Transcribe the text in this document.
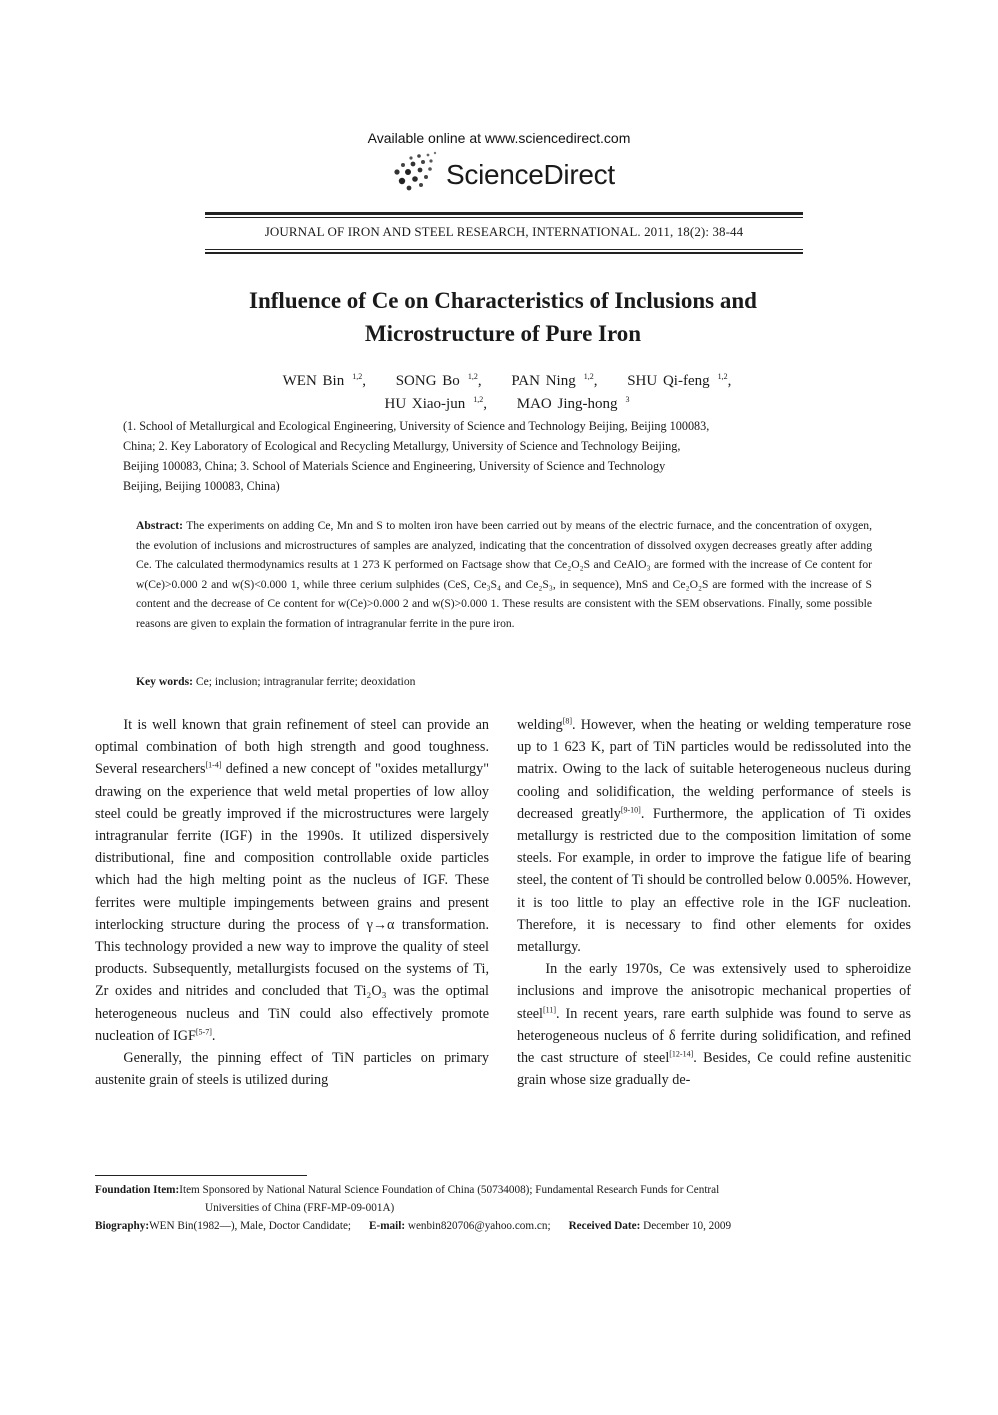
Available online at www.sciencedirect.com
ScienceDirect
JOURNAL OF IRON AND STEEL RESEARCH, INTERNATIONAL. 2011, 18(2): 38-44
Influence of Ce on Characteristics of Inclusions and
Microstructure of Pure Iron
WEN Bin $^{1,2}$, SONG Bo $^{1,2}$, PAN Ning $^{1,2}$, SHU Qi-feng $^{1,2}$,
HU Xiao-jun $^{1,2}$, MAO Jing-hong $^3$
(1. School of Metallurgical and Ecological Engineering, University of Science and Technology Beijing, Beijing 100083,
China; 2. Key Laboratory of Ecological and Recycling Metallurgy, University of Science and Technology Beijing,
Beijing 100083, China; 3. School of Materials Science and Engineering, University of Science and Technology
Beijing, Beijing 100083, China)
Abstract: The experiments on adding Ce, Mn and S to molten iron have been carried out by means of the electric furnace, and the concentration of oxygen, the evolution of inclusions and microstructures of samples are analyzed, indicating that the concentration of dissolved oxygen decreases greatly after adding Ce. The calculated thermodynamics results at 1 273 K performed on Factsage show that Ce₂O₂S and CeAlO₃ are formed with the increase of Ce content for w(Ce)>0.000 2 and w(S)<0.000 1, while three cerium sulphides (CeS, Ce₃S₄ and Ce₂S₃, in sequence), MnS and Ce₂O₂S are formed with the increase of S content and the decrease of Ce content for w(Ce)>0.000 2 and w(S)>0.000 1. These results are consistent with the SEM observations. Finally, some possible reasons are given to explain the formation of intragranular ferrite in the pure iron.
Key words: Ce; inclusion; intragranular ferrite; deoxidation

It is well known that grain refinement of steel can provide an optimal combination of both high strength and good toughness. Several researchers[1-4] defined a new concept of "oxides metallurgy" drawing on the experience that weld metal properties of low alloy steel could be greatly improved if the microstructures were largely intragranular ferrite (IGF) in the 1990s. It utilized dispersively distributional, fine and composition controllable oxide particles which had the high melting point as the nucleus of IGF. These ferrites were multiple impingements between grains and present interlocking structure during the process of γ→α transformation. This technology provided a new way to improve the quality of steel products. Subsequently, metallurgists focused on the systems of Ti, Zr oxides and nitrides and concluded that Ti₂O₃ was the optimal heterogeneous nucleus and TiN could also effectively promote nucleation of IGF[5-7].

Generally, the pinning effect of TiN particles on primary austenite grain of steels is utilized during

welding[8]. However, when the heating or welding temperature rose up to 1 623 K, part of TiN particles would be redissoluted into the matrix. Owing to the lack of suitable heterogeneous nucleus during cooling and solidification, the welding performance of steels is decreased greatly[9-10]. Furthermore, the application of Ti oxides metallurgy is restricted due to the composition limitation of some steels. For example, in order to improve the fatigue life of bearing steel, the content of Ti should be controlled below 0.005%. However, it is too little to play an effective role in the IGF nucleation. Therefore, it is necessary to find other elements for oxides metallurgy.

In the early 1970s, Ce was extensively used to spheroidize inclusions and improve the anisotropic mechanical properties of steel[11]. In recent years, rare earth sulphide was found to serve as heterogeneous nucleus of δ ferrite during solidification, and refined the cast structure of steel[12-14]. Besides, Ce could refine austenitic grain whose size gradually de-

Foundation Item:Item Sponsored by National Natural Science Foundation of China (50734008); Fundamental Research Funds for Central
Universities of China (FRF-MP-09-001A)
Biography:WEN Bin(1982—), Male, Doctor Candidate; E-mail: wenbin820706@yahoo.com.cn; Received Date: December 10, 2009
